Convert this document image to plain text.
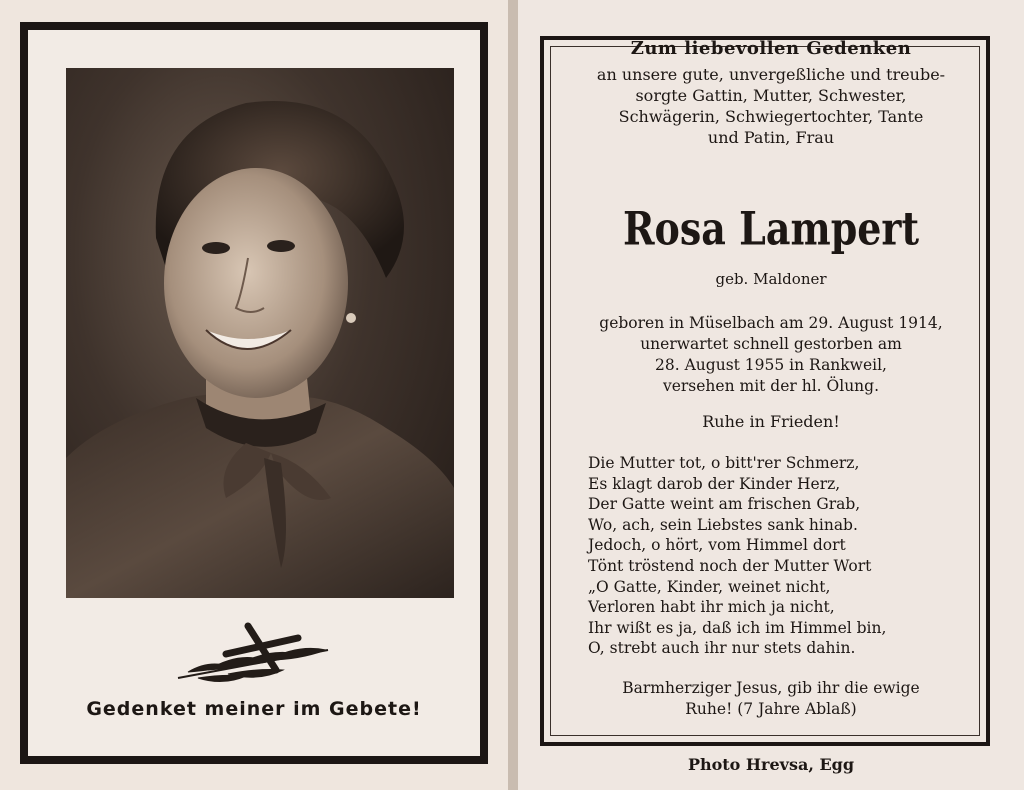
Gedenket meiner im Gebete!
Zum liebevollen Gedenken
an unsere gute, unvergeßliche und treube-
sorgte Gattin, Mutter, Schwester,
Schwägerin, Schwiegertochter, Tante
und Patin, Frau
Rosa Lampert
geb. Maldoner
geboren in Müselbach am 29. August 1914,
unerwartet schnell gestorben am
28. August 1955 in Rankweil,
versehen mit der hl. Ölung.
Ruhe in Frieden!
Die Mutter tot, o bitt'rer Schmerz,
Es klagt darob der Kinder Herz,
Der Gatte weint am frischen Grab,
Wo, ach, sein Liebstes sank hinab.
Jedoch, o hört, vom Himmel dort
Tönt tröstend noch der Mutter Wort
„O Gatte, Kinder, weinet nicht,
Verloren habt ihr mich ja nicht,
Ihr wißt es ja, daß ich im Himmel bin,
O, strebt auch ihr nur stets dahin.
Barmherziger Jesus, gib ihr die ewige
Ruhe! (7 Jahre Ablaß)
Photo Hrevsa, Egg
